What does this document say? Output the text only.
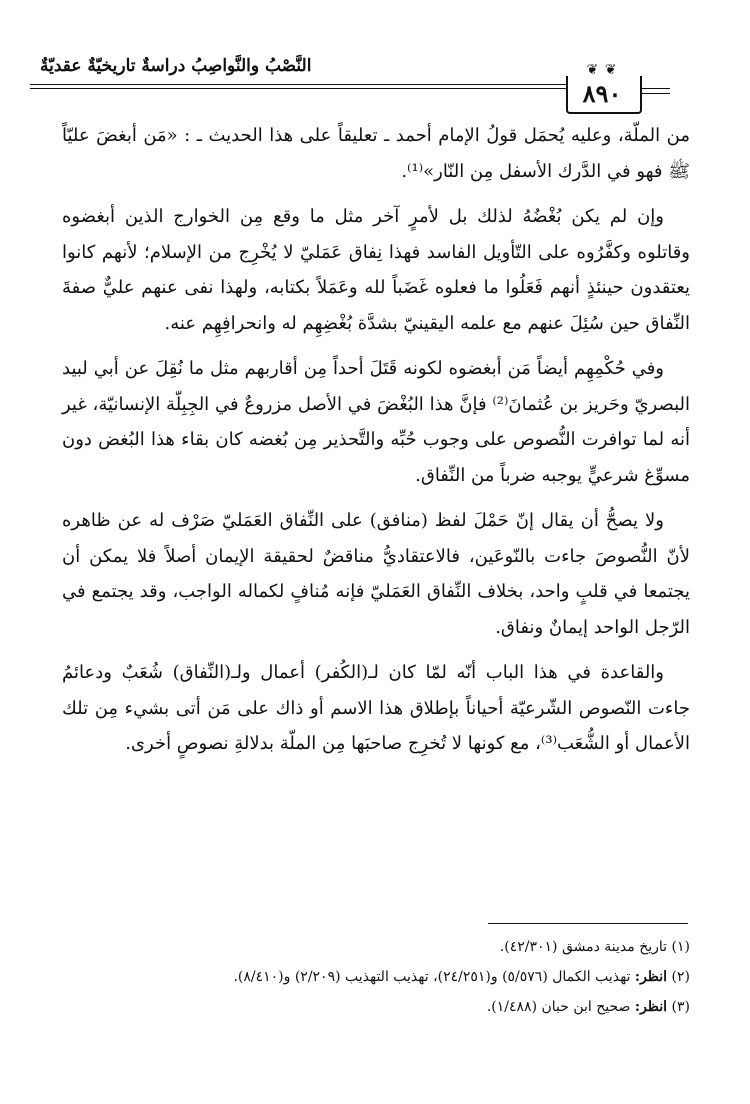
النَّصْبُ والنَّواصِبُ دراسةٌ تاريخيّةٌ عقديّةٌ	❦ ❦
٨٩٠

من الملّة، وعليه يُحمَل قولُ الإمام أحمد ـ تعليقاً على هذا الحديث ـ : «مَن أبغضَ عليّاً ﷺ فهو في الدَّرك الأسفل مِن النّار»⁽¹⁾.

وإن لم يكن بُغْضُهُ لذلك بل لأمرٍ آخر مثل ما وقع مِن الخوارج الذين أبغضوه وقاتلوه وكفَّرُوه على التّأويل الفاسد فهذا نِفاق عَمَليّ لا يُخْرِج من الإسلام؛ لأنهم كانوا يعتقدون حينئذٍ أنهم فَعَلُوا ما فعلوه غَضَباً لله وعَمَلاً بكتابه، ولهذا نفى عنهم عليٌّ صفةَ النِّفاق حين سُئِلَ عنهم مع علمه اليقينيّ بشدَّة بُغْضِهِم له وانحرافِهِم عنه.

وفي حُكْمِهِم أيضاً مَن أبغضوه لكونه قَتَلَ أحداً مِن أقاربهم مثل ما نُقِلَ عن أبي لبيد البصريّ وحَريز بن عُثمانَ⁽²⁾ فإنَّ هذا البُغْضَ في الأصل مزروعٌ في الجِبِلّة الإنسانيّة، غير أنه لما توافرت النُّصوص على وجوب حُبِّه والتَّحذير مِن بُغضه كان بقاء هذا البُغض دون مسوِّغ شرعيٍّ يوجبه ضرباً من النِّفاق.

ولا يصحُّ أن يقال إنّ حَمْلَ لفظ (منافق) على النِّفاق العَمَليّ صَرْف له عن ظاهره لأنّ النُّصوصَ جاءت بالنّوعَين، فالاعتقاديُّ مناقضٌ لحقيقة الإيمان أصلاً فلا يمكن أن يجتمعا في قلبٍ واحد، بخلاف النِّفاق العَمَليّ فإنه مُنافٍ لكماله الواجب، وقد يجتمع في الرّجل الواحد إيمانٌ ونفاق.

والقاعدة في هذا الباب أنّه لمّا كان لـ(الكُفر) أعمال ولـ(النِّفاق) شُعَبٌ ودعائمُ جاءت النّصوص الشّرعيّة أحياناً بإطلاق هذا الاسم أو ذاك على مَن أتى بشيء مِن تلك الأعمال أو الشُّعَب⁽³⁾، مع كونها لا تُخرِج صاحبَها مِن الملّة بدلالةِ نصوصٍ أخرى.

(١) تاريخ مدينة دمشق (٤٢/٣٠١).
(٢) انظر: تهذيب الكمال (٥/٥٧٦) و(٢٤/٢٥١)، تهذيب التهذيب (٢/٢٠٩) و(٨/٤١٠).
(٣) انظر: صحيح ابن حبان (١/٤٨٨).
